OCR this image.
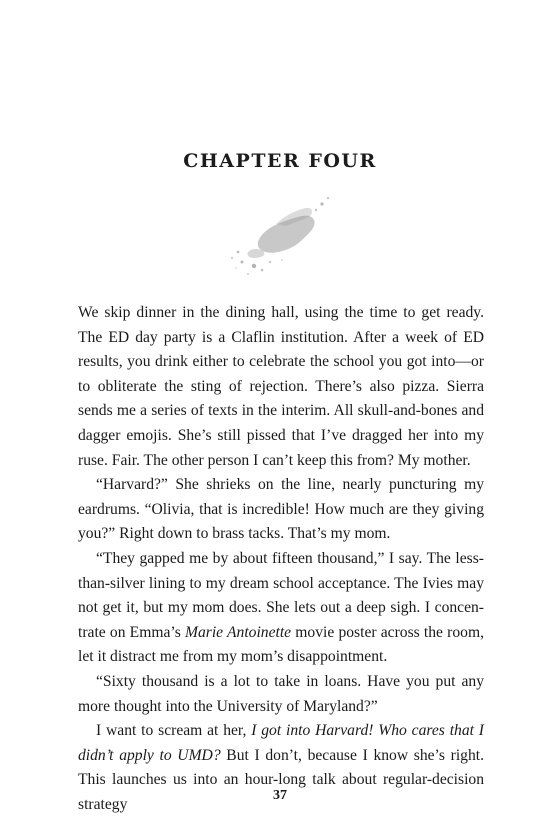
CHAPTER FOUR

We skip dinner in the dining hall, using the time to get ready. The ED day party is a Claflin institution. After a week of ED results, you drink either to celebrate the school you got into—or to obliterate the sting of rejection. There’s also pizza. Sierra sends me a series of texts in the interim. All skull-and-bones and dagger emojis. She’s still pissed that I’ve dragged her into my ruse. Fair. The other person I can’t keep this from? My mother.

“Harvard?” She shrieks on the line, nearly puncturing my eardrums. “Olivia, that is incredible! How much are they giving you?” Right down to brass tacks. That’s my mom.

“They gapped me by about fifteen thousand,” I say. The less-than-silver lining to my dream school acceptance. The Ivies may not get it, but my mom does. She lets out a deep sigh. I concentrate on Emma’s Marie Antoinette movie poster across the room, let it distract me from my mom’s disappointment.

“Sixty thousand is a lot to take in loans. Have you put any more thought into the University of Maryland?”

I want to scream at her, I got into Harvard! Who cares that I didn’t apply to UMD? But I don’t, because I know she’s right. This launches us into an hour-long talk about regular-decision strategy

37
